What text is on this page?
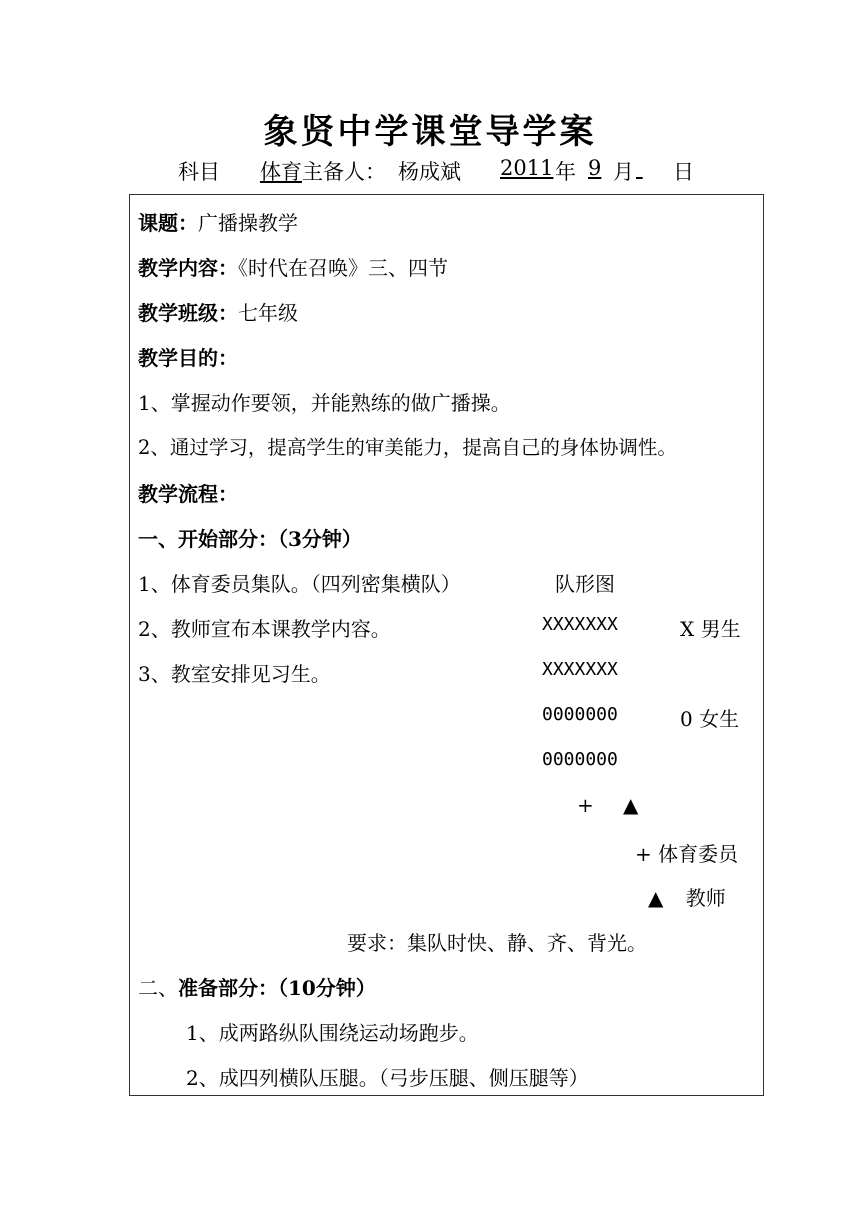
象贤中学课堂导学案
科目 体育 主备人： 杨成斌	2011 年 9 月
日
课题：广播操教学
教学内容：《时代在召唤》三、四节
教学班级：七年级
教学目的：
1、掌握动作要领，并能熟练的做广播操。
2、通过学习，提高学生的审美能力，提高自己的身体协调性。
教学流程：
一、开始部分：（3分钟）
1、体育委员集队。（四列密集横队）	队形图
2、教师宣布本课教学内容。	XXXXXXX	X 男生
3、教室安排见习生。	XXXXXXX
0000000	0 女生
0000000
+ ▲
+ 体育委员
▲ 教师
要求：集队时快、静、齐、背光。
二、准备部分：（10分钟）
1、成两路纵队围绕运动场跑步。
2、成四列横队压腿。（弓步压腿、侧压腿等）
